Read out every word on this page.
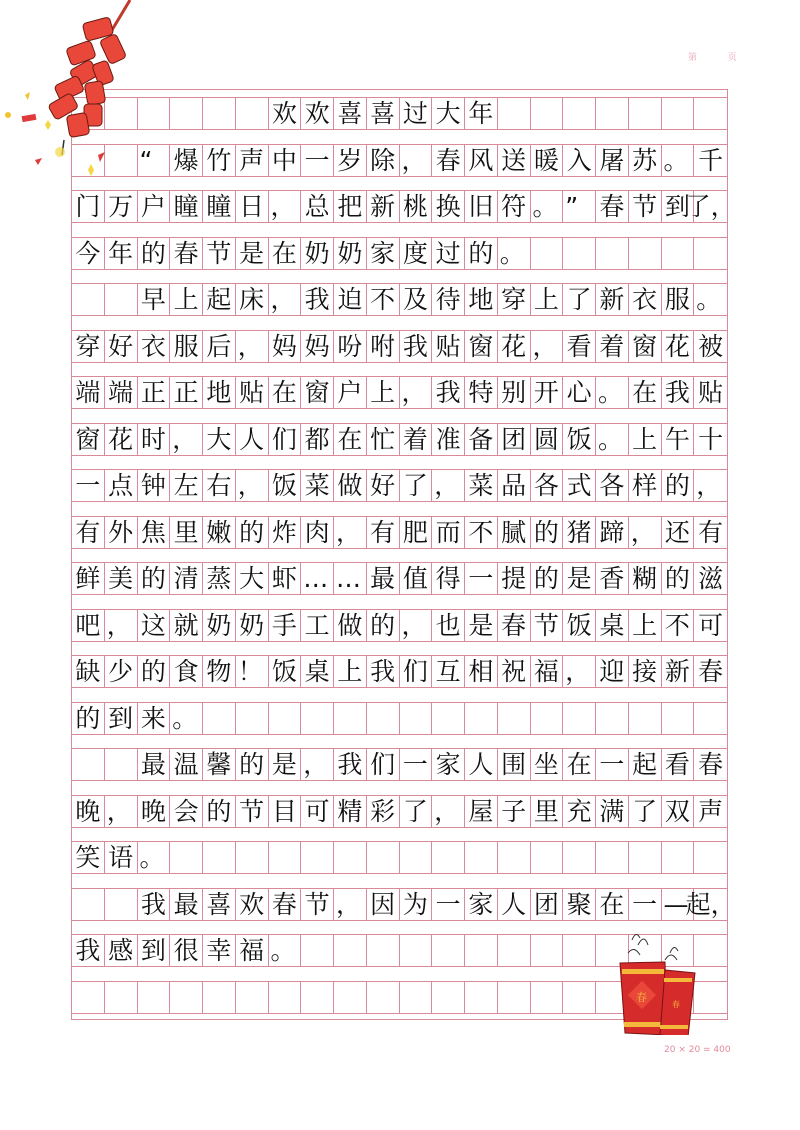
第 页
欢 欢 喜 喜 过 大 年
“ 爆 竹 声 中 一 岁 除 ， 春 风 送 暖 入 屠 苏 。 千
门 万 户 瞳 瞳 日 ， 总 把 新 桃 换 旧 符 。 ” 春 节 到
了，
今 年 的 春 节 是 在 奶 奶 家 度 过 的 。
早 上 起 床 ， 我 迫 不 及 待 地 穿 上 了 新 衣 服 。
穿 好 衣 服 后 ， 妈 妈 吩 咐 我 贴 窗 花 ， 看 着 窗 花 被
端 端 正 正 地 贴 在 窗 户 上 ， 我 特 别 开 心 。 在 我 贴
窗 花 时 ， 大 人 们 都 在 忙 着 准 备 团 圆 饭 。 上 午 十
一 点 钟 左 右 ， 饭 菜 做 好 了 ， 菜 品 各 式 各 样 的 ，
有 外 焦 里 嫩 的 炸 肉 ， 有 肥 而 不 腻 的 猪 蹄 ， 还 有
鲜 美 的 清 蒸 大 虾 … … 最 值 得 一 提 的 是 香 糊 的 滋
吧 ， 这 就 奶 奶 手 工 做 的 ， 也 是 春 节 饭 桌 上 不 可
缺 少 的 食 物 ！ 饭 桌 上 我 们 互 相 祝 福 ， 迎 接 新 春
的 到 来 。
最 温 馨 的 是 ， 我 们 一 家 人 围 坐 在 一 起 看 春
晚 ， 晚 会 的 节 目 可 精 彩 了 ， 屋 子 里 充 满 了 双 声
笑 语 。
我 最 喜 欢 春 节 ， 因 为 一 家 人 团 聚 在 一 —
起，
我 感 到 很 幸 福 。
20 × 20 = 400
春
春
